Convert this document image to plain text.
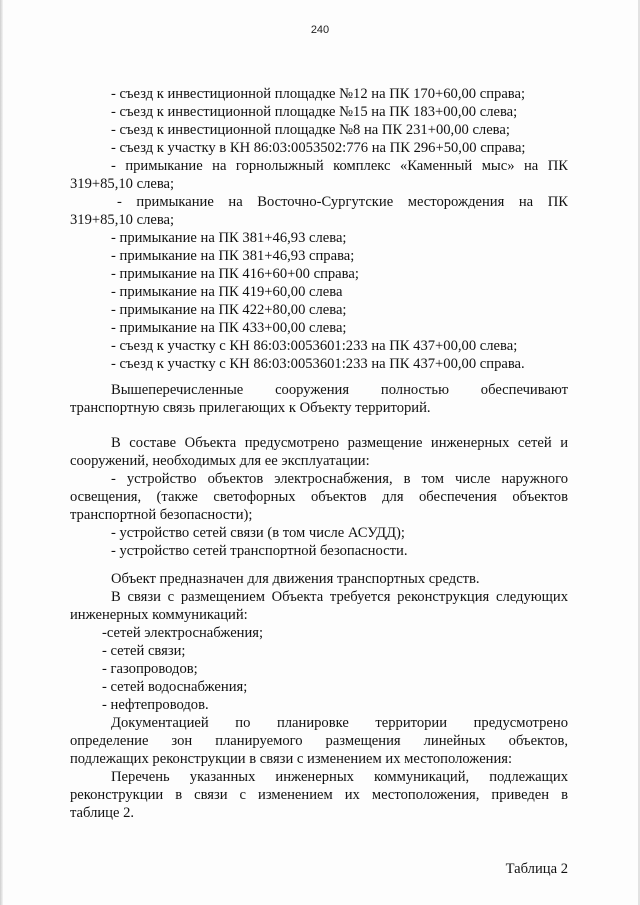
240
- съезд к инвестиционной площадке №12 на ПК 170+60,00 справа;
- съезд к инвестиционной площадке №15 на ПК 183+00,00 слева;
- съезд к инвестиционной площадке №8 на ПК 231+00,00 слева;
- съезд к участку в КН 86:03:0053502:776 на ПК 296+50,00 справа;
- примыкание на горнолыжный комплекс «Каменный мыс» на ПК
319+85,10 слева;
- примыкание на Восточно-Сургутские месторождения на ПК
319+85,10 слева;
- примыкание на ПК 381+46,93 слева;
- примыкание на ПК 381+46,93 справа;
- примыкание на ПК 416+60+00 справа;
- примыкание на ПК 419+60,00 слева
- примыкание на ПК 422+80,00 слева;
- примыкание на ПК 433+00,00 слева;
- съезд к участку с КН 86:03:0053601:233 на ПК 437+00,00 слева;
- съезд к участку с КН 86:03:0053601:233 на ПК 437+00,00 справа.
Вышеперечисленные сооружения полностью обеспечивают
транспортную связь прилегающих к Объекту территорий.
В составе Объекта предусмотрено размещение инженерных сетей и
сооружений, необходимых для ее эксплуатации:
- устройство объектов электроснабжения, в том числе наружного
освещения, (также светофорных объектов для обеспечения объектов
транспортной безопасности);
- устройство сетей связи (в том числе АСУДД);
- устройство сетей транспортной безопасности.
Объект предназначен для движения транспортных средств.
В связи с размещением Объекта требуется реконструкция следующих
инженерных коммуникаций:
-сетей электроснабжения;
- сетей связи;
- газопроводов;
- сетей водоснабжения;
- нефтепроводов.
Документацией по планировке территории предусмотрено
определение зон планируемого размещения линейных объектов,
подлежащих реконструкции в связи с изменением их местоположения:
Перечень указанных инженерных коммуникаций, подлежащих
реконструкции в связи с изменением их местоположения, приведен в
таблице 2.
Таблица 2
